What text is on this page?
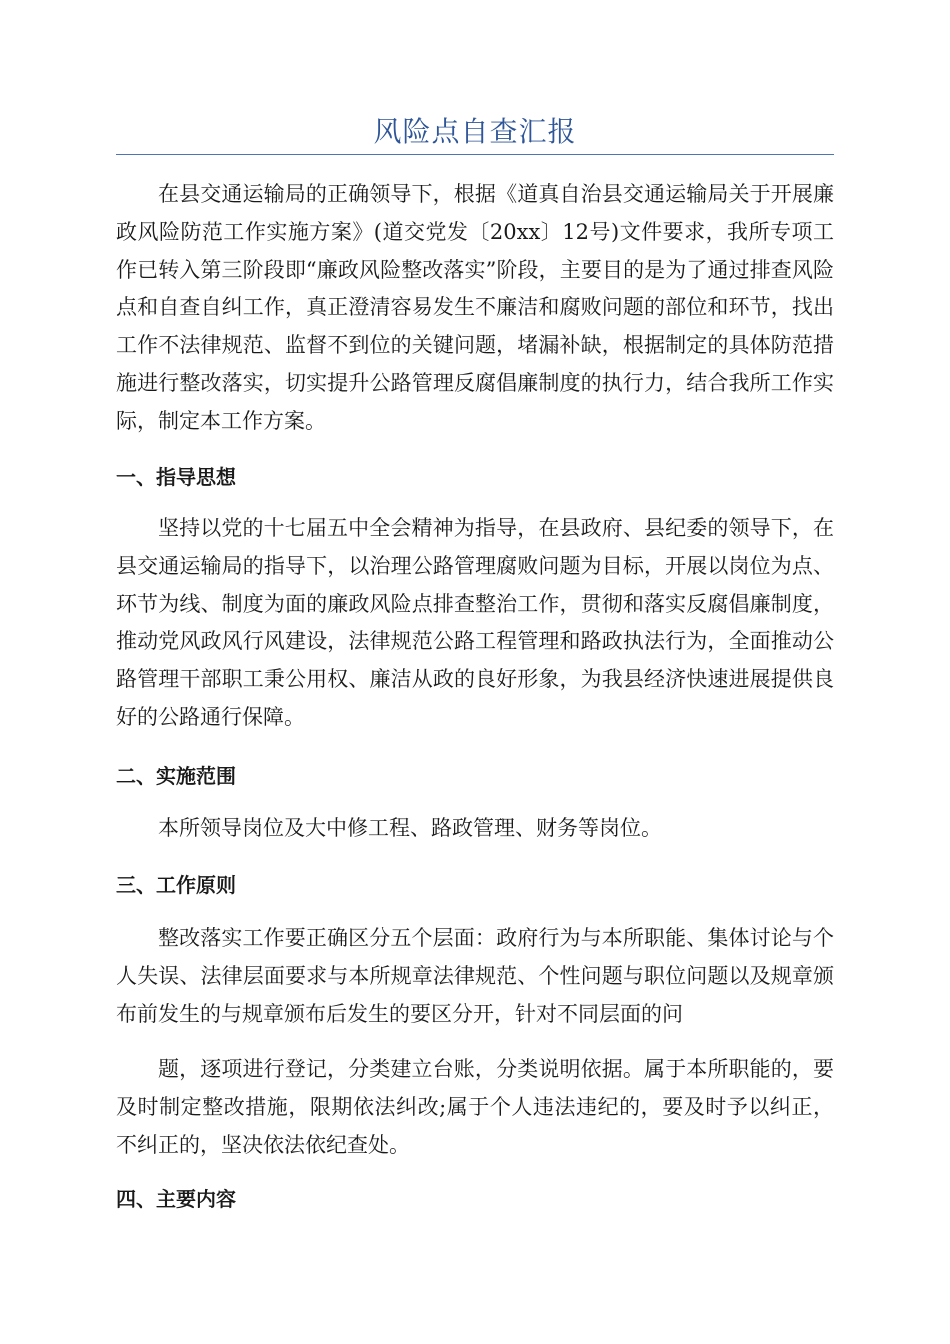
风险点自查汇报

在县交通运输局的正确领导下，根据《道真自治县交通运输局关于开展廉政风险防范工作实施方案》(道交党发〔20xx〕12号)文件要求，我所专项工作已转入第三阶段即“廉政风险整改落实”阶段，主要目的是为了通过排查风险点和自查自纠工作，真正澄清容易发生不廉洁和腐败问题的部位和环节，找出工作不法律规范、监督不到位的关键问题，堵漏补缺，根据制定的具体防范措施进行整改落实，切实提升公路管理反腐倡廉制度的执行力，结合我所工作实际，制定本工作方案。

一、指导思想

坚持以党的十七届五中全会精神为指导，在县政府、县纪委的领导下，在县交通运输局的指导下，以治理公路管理腐败问题为目标，开展以岗位为点、环节为线、制度为面的廉政风险点排查整治工作，贯彻和落实反腐倡廉制度，推动党风政风行风建设，法律规范公路工程管理和路政执法行为，全面推动公路管理干部职工秉公用权、廉洁从政的良好形象，为我县经济快速进展提供良好的公路通行保障。

二、实施范围

本所领导岗位及大中修工程、路政管理、财务等岗位。

三、工作原则

整改落实工作要正确区分五个层面：政府行为与本所职能、集体讨论与个人失误、法律层面要求与本所规章法律规范、个性问题与职位问题以及规章颁布前发生的与规章颁布后发生的要区分开，针对不同层面的问

题，逐项进行登记，分类建立台账，分类说明依据。属于本所职能的，要及时制定整改措施，限期依法纠改;属于个人违法违纪的，要及时予以纠正，不纠正的，坚决依法依纪查处。

四、主要内容
